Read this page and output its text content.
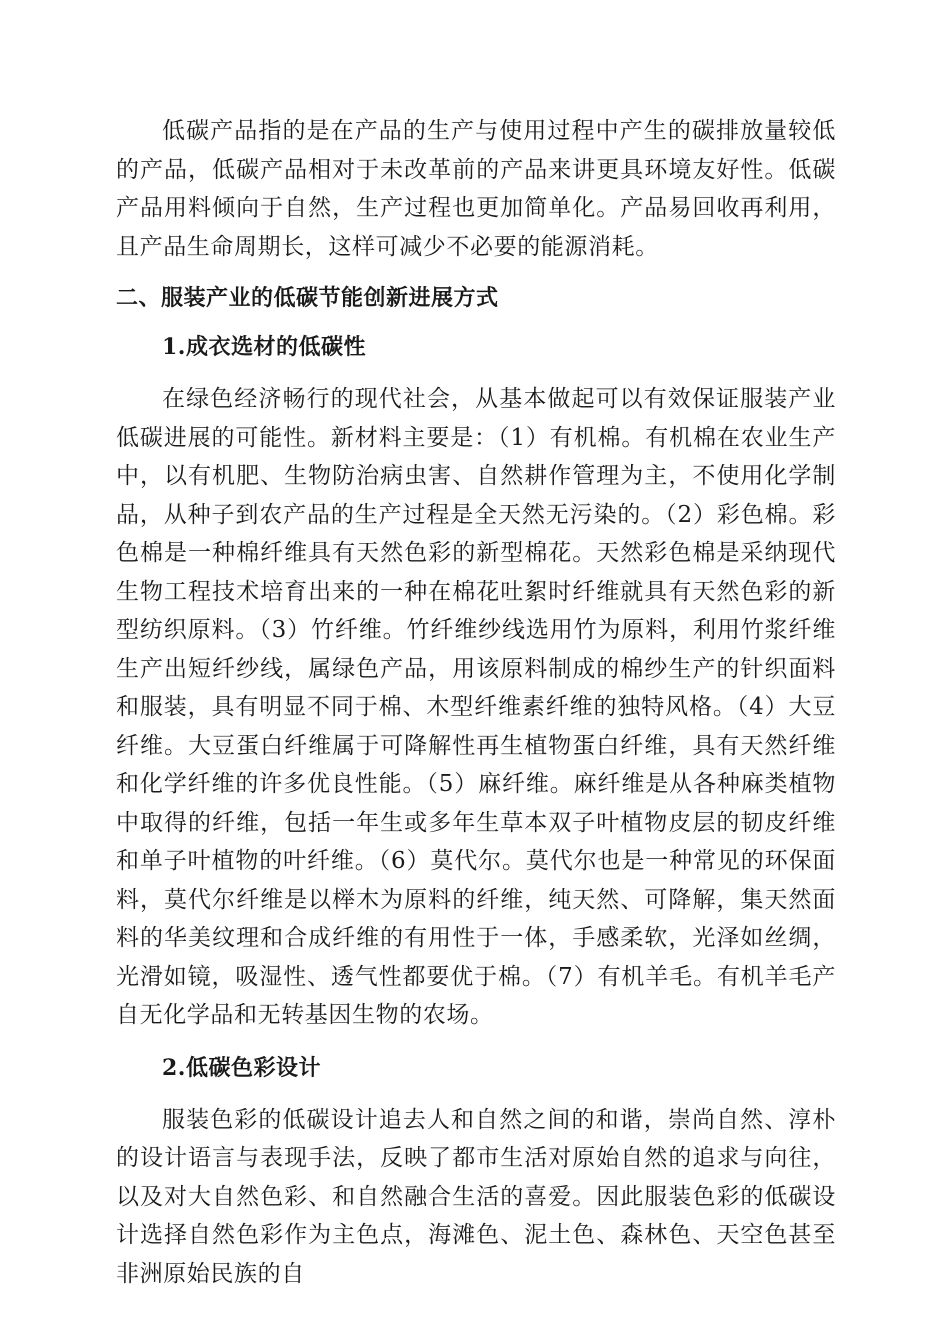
低碳产品指的是在产品的生产与使用过程中产生的碳排放量较低的产品，低碳产品相对于未改革前的产品来讲更具环境友好性。低碳产品用料倾向于自然，生产过程也更加简单化。产品易回收再利用，且产品生命周期长，这样可减少不必要的能源消耗。

二、服装产业的低碳节能创新进展方式
1.成衣选材的低碳性

在绿色经济畅行的现代社会，从基本做起可以有效保证服装产业低碳进展的可能性。新材料主要是：（1）有机棉。有机棉在农业生产中，以有机肥、生物防治病虫害、自然耕作管理为主，不使用化学制品，从种子到农产品的生产过程是全天然无污染的。（2）彩色棉。彩色棉是一种棉纤维具有天然色彩的新型棉花。天然彩色棉是采纳现代生物工程技术培育出来的一种在棉花吐絮时纤维就具有天然色彩的新型纺织原料。（3）竹纤维。竹纤维纱线选用竹为原料，利用竹浆纤维生产出短纤纱线，属绿色产品，用该原料制成的棉纱生产的针织面料和服装，具有明显不同于棉、木型纤维素纤维的独特风格。（4）大豆纤维。大豆蛋白纤维属于可降解性再生植物蛋白纤维，具有天然纤维和化学纤维的许多优良性能。（5）麻纤维。麻纤维是从各种麻类植物中取得的纤维，包括一年生或多年生草本双子叶植物皮层的韧皮纤维和单子叶植物的叶纤维。（6）莫代尔。莫代尔也是一种常见的环保面料，莫代尔纤维是以榉木为原料的纤维，纯天然、可降解，集天然面料的华美纹理和合成纤维的有用性于一体，手感柔软，光泽如丝绸，光滑如镜，吸湿性、透气性都要优于棉。（7）有机羊毛。有机羊毛产自无化学品和无转基因生物的农场。

2.低碳色彩设计

服装色彩的低碳设计追去人和自然之间的和谐，崇尚自然、淳朴的设计语言与表现手法，反映了都市生活对原始自然的追求与向往，以及对大自然色彩、和自然融合生活的喜爱。因此服装色彩的低碳设计选择自然色彩作为主色点，海滩色、泥土色、森林色、天空色甚至非洲原始民族的自
